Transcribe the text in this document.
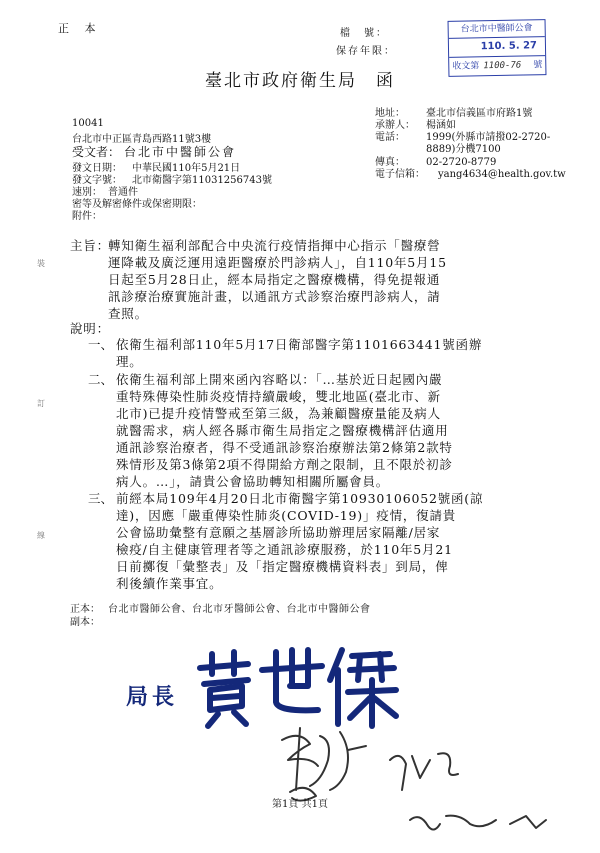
正 本	檔　號：
保存年限：
台北市中醫師公會
110. 5. 27
收文第 1100-76 號
臺北市政府衛生局　函
10041
台北市中正區青島西路11號3樓
受文者： 台北市中醫師公會
地址： 臺北市信義區市府路1號
承辦人： 楊涵如
電話： 1999(外縣市請撥02-2720-
8889)分機7100
傳真： 02-2720-8779
電子信箱： yang4634@health.gov.tw
發文日期： 中華民國110年5月21日
發文字號： 北市衛醫字第11031256743號
速別： 普通件
密等及解密條件或保密期限：
附件：
主旨：
轉知衛生福利部配合中央流行疫情指揮中心指示「醫療營
運降載及廣泛運用遠距醫療於門診病人」，自110年5月15
日起至5月28日止，經本局指定之醫療機構，得免提報通
訊診療治療實施計畫，以通訊方式診察治療門診病人，請
查照。
說明：
一、 依衛生福利部110年5月17日衛部醫字第1101663441號函辦
理。
二、 依衛生福利部上開來函內容略以：「…基於近日起國內嚴
重特殊傳染性肺炎疫情持續嚴峻，雙北地區(臺北市、新
北市)已提升疫情警戒至第三級，為兼顧醫療量能及病人
就醫需求，病人經各縣市衛生局指定之醫療機構評估適用
通訊診察治療者，得不受通訊診察治療辦法第2條第2款特
殊情形及第3條第2項不得開給方劑之限制，且不限於初診
病人。…」，請貴公會協助轉知相關所屬會員。
三、 前經本局109年4月20日北市衛醫字第10930106052號函(諒
達)，因應「嚴重傳染性肺炎(COVID-19)」疫情，復請貴
公會協助彙整有意願之基層診所協助辦理居家隔離/居家
檢疫/自主健康管理者等之通訊診療服務，於110年5月21
日前擲復「彙整表」及「指定醫療機構資料表」到局，俾
利後續作業事宜。
正本： 台北市醫師公會、台北市牙醫師公會、台北市中醫師公會
副本：
裝
訂
線
局長
第1頁 共1頁
